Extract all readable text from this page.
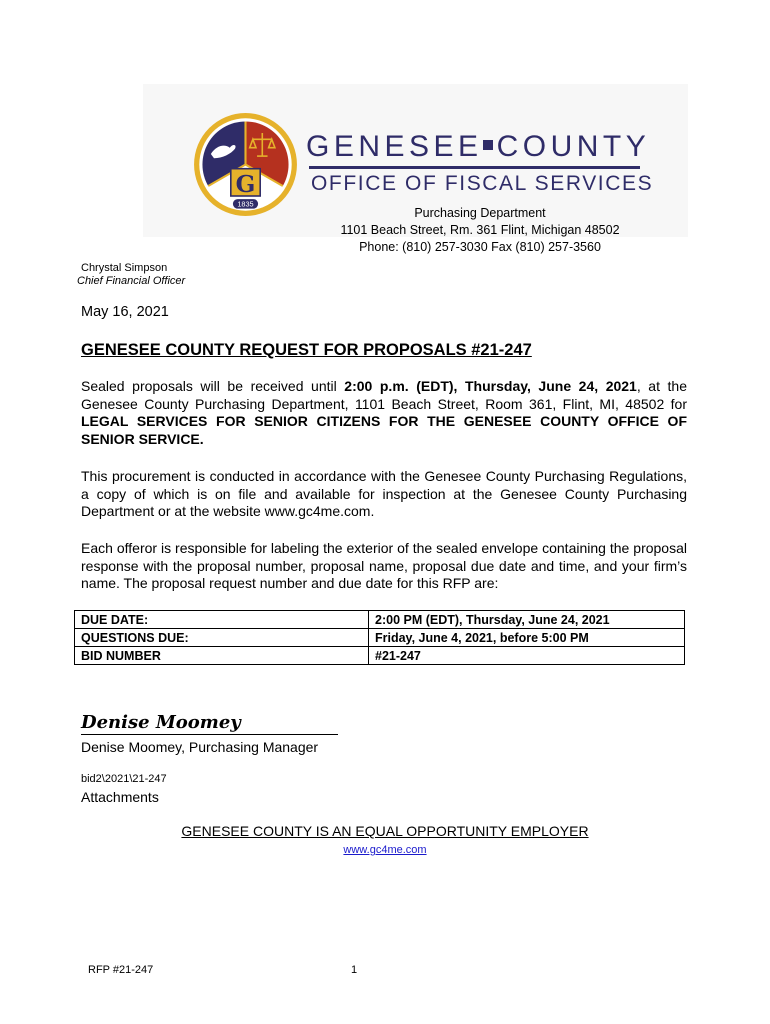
G
1835
GENESEE COUNTY
OFFICE OF FISCAL SERVICES
Purchasing Department
1101 Beach Street, Rm. 361 Flint, Michigan 48502
Phone: (810) 257-3030 Fax (810) 257-3560
Chrystal Simpson
Chief Financial Officer
May 16, 2021
GENESEE COUNTY REQUEST FOR PROPOSALS #21-247
Sealed proposals will be received until 2:00 p.m. (EDT), Thursday, June 24, 2021, at the Genesee County Purchasing Department, 1101 Beach Street, Room 361, Flint, MI, 48502 for LEGAL SERVICES FOR SENIOR CITIZENS FOR THE GENESEE COUNTY OFFICE OF SENIOR SERVICE.
This procurement is conducted in accordance with the Genesee County Purchasing Regulations, a copy of which is on file and available for inspection at the Genesee County Purchasing Department or at the website www.gc4me.com.
Each offeror is responsible for labeling the exterior of the sealed envelope containing the proposal response with the proposal number, proposal name, proposal due date and time, and your firm’s name. The proposal request number and due date for this RFP are:
DUE DATE:	2:00 PM (EDT), Thursday, June 24, 2021
QUESTIONS DUE:	Friday, June 4, 2021, before 5:00 PM
BID NUMBER	#21-247
Denise Moomey
Denise Moomey, Purchasing Manager
bid2\2021\21-247
Attachments
GENESEE COUNTY IS AN EQUAL OPPORTUNITY EMPLOYER
www.gc4me.com
RFP #21-247	1
